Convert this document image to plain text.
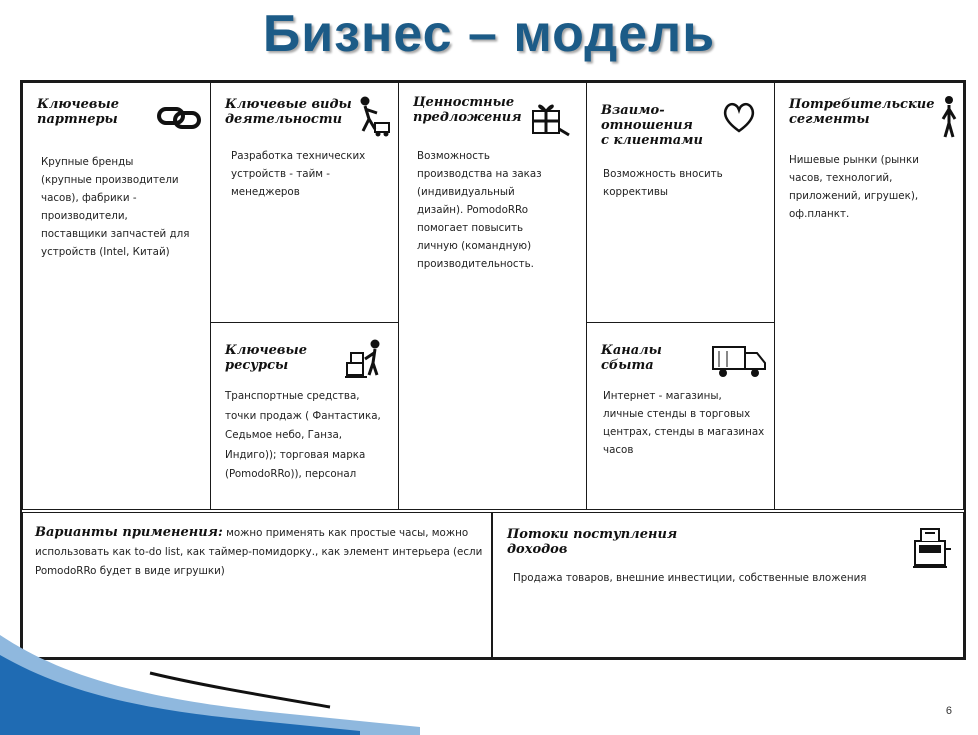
Бизнес – модель
Ключевые
партнеры
Крупные бренды
(крупные производители
часов), фабрики -
производители,
поставщики запчастей для
устройств (Intel, Китай)
Ключевые виды
деятельности
Разработка технических
устройств - тайм -
менеджеров
Ключевые
ресурсы
Транспортные средства,
точки продаж ( Фантастика,
Седьмое небо, Ганза,
Индиго)); торговая марка
(PomodoRRo)), персонал
Ценностные
предложения
Возможность
производства на заказ
(индивидуальный
дизайн). PomodoRRo
помогает повысить
личную (командную)
производительность.
Взаимо-
отношения
с клиентами
Возможность вносить
коррективы
Каналы
сбыта
Интернет - магазины,
личные стенды в торговых
центрах, стенды в магазинах
часов
Потребительские
сегменты
Нишевые рынки (рынки
часов, технологий,
приложений, игрушек),
оф.планкт.
Варианты применения: можно применять как простые часы, можно использовать как to-do list, как таймер-помидорку., как элемент интерьера (если PomodoRRo будет в виде игрушки)
Потоки поступления
доходов
Продажа товаров, внешние инвестиции, собственные вложения
6
